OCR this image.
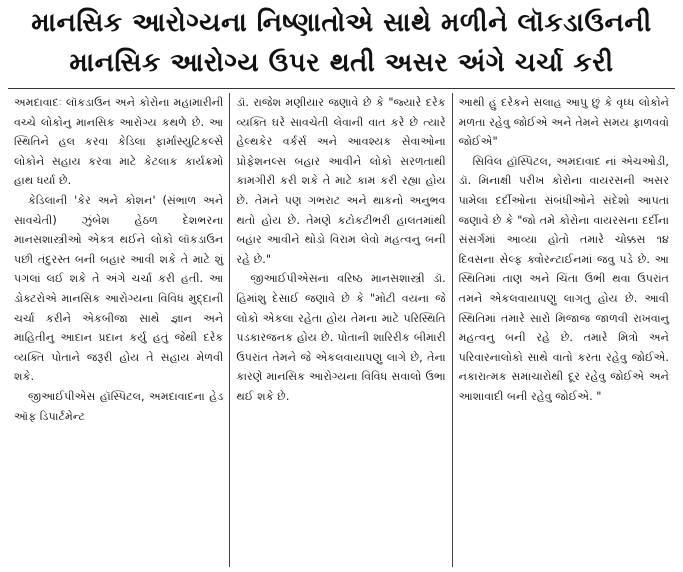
માનસિક આરોગ્યના નિષ્ણાતોએ સાથે મળીને લૉકડાઉનની
માનસિક આરોગ્ય ઉપર થતી અસર અંગે ચર્ચા કરી

અમદાવાદઃ લૉકડાઉન અને કોરોના મહામારીની વચ્ચે લોકોનુ માનસિક આરોગ્ય કથળે છે. આ સ્થિતિને હલ કરવા કેડિલા ફાર્માસ્યુટિકલ્સે લોકોને સહાય કરવા માટે કેટલાક કાર્યક્રમો હાથ ધર્યા છે.

કેડિલાની 'કેર અને કોશન' (સંભાળ અને સાવચેતી) ઝુંબેશ હેઠળ દેશભરના માનસશાસ્ત્રીઓ એકત્ર થઈને લોકો લૉકડાઉન પછી તંદુરસ્ત બની બહાર આવી શકે તે માટે શું પગલાં લઈ શકે તે અંગે ચર્ચા કરી હતી. આ ડોક્ટરોએ માનસિક આરોગ્યના વિવિધ મુદ્દાની ચર્ચા કરીને એકબીજા સાથે જ્ઞાન અને માહિતીનુ આદાન પ્રદાન કર્યુ હતું જેથી દરેક વ્યક્તિ પોતાને જરૂરી હોય તે સહાય મેળવી શકે.

જીઆઈપીએસ હૉસ્પિટલ, અમદાવાદના હેડ ઑફ ડિપાર્ટમેન્ટ

ડૉ. રાજેશ મણીયાર જણાવે છે કે "જ્યારે દરેક વ્યક્તિ ઘરે સાવચેતી લેવાની વાત કરે છે ત્યારે હેલ્થકેર વર્કર્સ અને આવશ્યક સેવાઓના પ્રોફેશનલ્સ બહાર આવીને લોકો સરળતાથી કામગીરી કરી શકે તે માટે કામ કરી રહ્યા હોય છે. તેમને પણ ગભરાટ અને થાકનો અનુભવ થતો હોય છે. તેમણે કટોકટીભરી હાલતમાંથી બહાર આવીને થોડો વિરામ લેવો મહત્વનુ બની રહે છે."

જીઆઈપીએસના વરિષ્ઠ માનસશાસ્ત્રી ડૉ. હિમાંશુ દેસાઈ જણાવે છે કે "મોટી વયના જે લોકો એકલા રહેતા હોય તેમના માટે પરિસ્થિતિ પડકારજનક હોય છે. પોતાની શારિરીક બીમારી ઉપરાંત તેમને જે એકલવાયાપણુ લાગે છે, તેના કારણે માનસિક આરોગ્યના વિવિધ સવાલો ઉભા થઈ શકે છે.

આથી હું દરેકને સલાહ આપુ છું કે વૃધ્ધ લોકોને મળતા રહેવુ જોઈએ અને તેમને સમય ફાળવવો જોઈએ"

સિવિલ હૉસ્પિટલ, અમદાવાદ નાં એચઓડી, ડૉ. મિનાક્ષી પરીખ કોરોના વાયરસની અસર પામેલા દર્દીઓના સંબંધીઓને સંદેશો આપતાં જણાવે છે કે "જો તમે કોરોના વાયરસના દર્દીના સંસર્ગમાં આવ્યા હોતો તમારે ચોક્કસ ૧૪ દિવસના સેલ્ફ ક્વોરન્ટાઈનમાં જવુ પડે છે. આ સ્થિતિમાં તાણ અને ચિંતા ઉભી થવા ઉપરાંત તમને એકલવાયાપણુ લાગતુ હોય છે. આવી સ્થિતિમાં તમારે સારો મિજાજ જાળવી રાખવાનુ મહત્વનુ બની રહે છે. તમારે મિત્રો અને પરિવારનાલોકો સાથે વાતો કરતા રહેવુ જોઈએ. નકારાત્મક સમાચારોથી દૂર રહેવુ જોઈએ અને આશાવાદી બની રહેવુ જોઈએ. "
